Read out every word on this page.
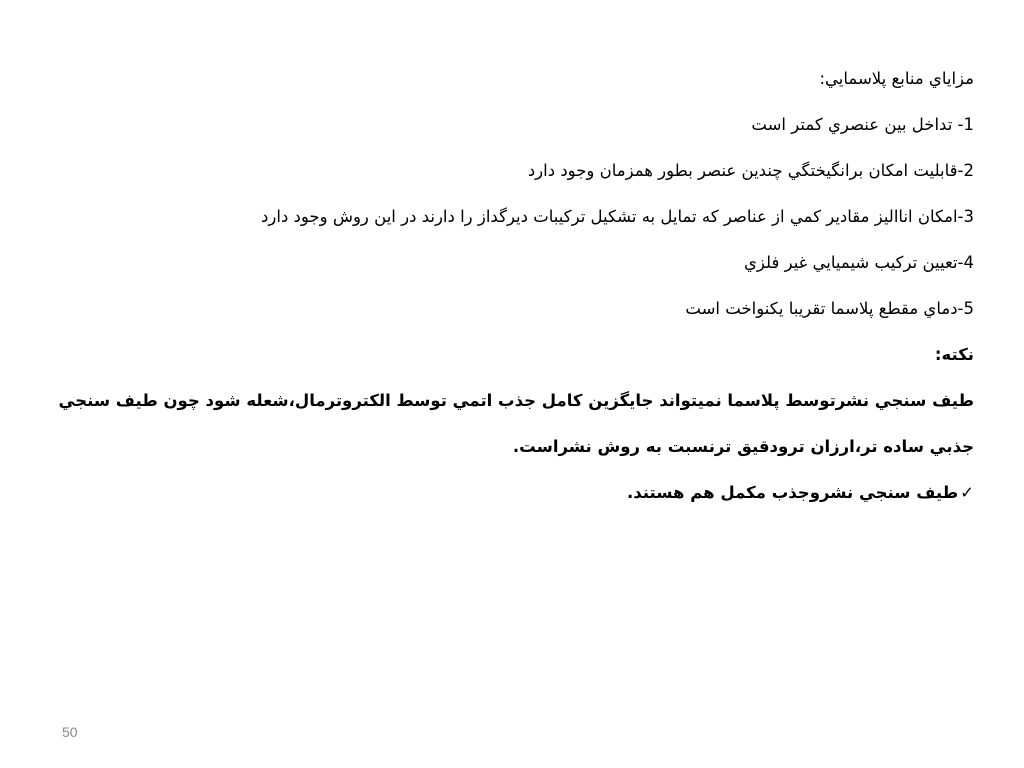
مزاياي منابع پلاسمايي:
1- تداخل بين عنصري كمتر است
2-قابليت امكان برانگيختگي چندين عنصر بطور همزمان وجود دارد
3-امكان انااليز مقادير كمي از عناصر كه تمايل به تشكيل تركيبات ديرگداز را دارند در اين روش وجود دارد
4-تعيين تركيب شيميايي غير فلزي
5-دماي مقطع پلاسما تقريبا يكنواخت است
نكته:
طيف سنجي نشرتوسط پلاسما نميتواند جايگزين كامل جذب اتمي توسط الكتروترمال،شعله شود چون طيف سنجي
جذبي ساده تر،ارزان ترودقيق ترنسبت به روش نشراست.
✓طيف سنجي نشروجذب مكمل هم هستند.
50
